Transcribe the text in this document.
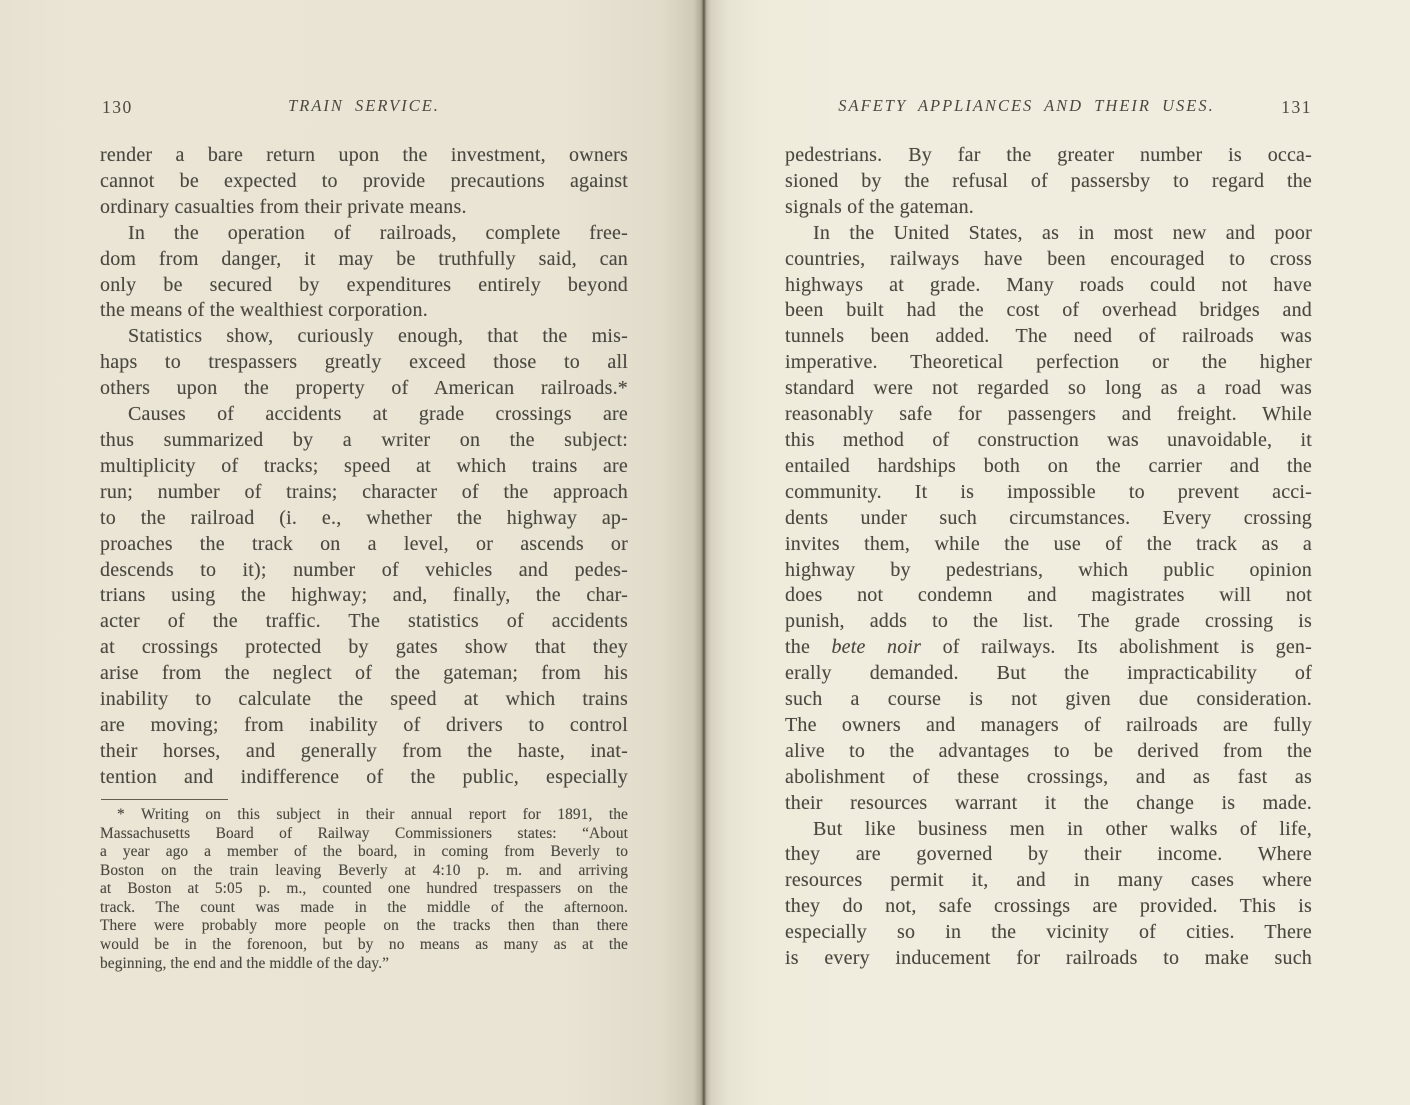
130	TRAIN SERVICE.
render a bare return upon the investment, owners
cannot be expected to provide precautions against
ordinary casualties from their private means.
In the operation of railroads, complete free-
dom from danger, it may be truthfully said, can
only be secured by expenditures entirely beyond
the means of the wealthiest corporation.
Statistics show, curiously enough, that the mis-
haps to trespassers greatly exceed those to all
others upon the property of American railroads.*
Causes of accidents at grade crossings are
thus summarized by a writer on the subject:
multiplicity of tracks; speed at which trains are
run; number of trains; character of the approach
to the railroad (i. e., whether the highway ap-
proaches the track on a level, or ascends or
descends to it); number of vehicles and pedes-
trians using the highway; and, finally, the char-
acter of the traffic. The statistics of accidents
at crossings protected by gates show that they
arise from the neglect of the gateman; from his
inability to calculate the speed at which trains
are moving; from inability of drivers to control
their horses, and generally from the haste, inat-
tention and indifference of the public, especially
* Writing on this subject in their annual report for 1891, the
Massachusetts Board of Railway Commissioners states: “About
a year ago a member of the board, in coming from Beverly to
Boston on the train leaving Beverly at 4:10 p. m. and arriving
at Boston at 5:05 p. m., counted one hundred trespassers on the
track. The count was made in the middle of the afternoon.
There were probably more people on the tracks then than there
would be in the forenoon, but by no means as many as at the
beginning, the end and the middle of the day.”
SAFETY APPLIANCES AND THEIR USES.	131
pedestrians. By far the greater number is occa-
sioned by the refusal of passersby to regard the
signals of the gateman.
In the United States, as in most new and poor
countries, railways have been encouraged to cross
highways at grade. Many roads could not have
been built had the cost of overhead bridges and
tunnels been added. The need of railroads was
imperative. Theoretical perfection or the higher
standard were not regarded so long as a road was
reasonably safe for passengers and freight. While
this method of construction was unavoidable, it
entailed hardships both on the carrier and the
community. It is impossible to prevent acci-
dents under such circumstances. Every crossing
invites them, while the use of the track as a
highway by pedestrians, which public opinion
does not condemn and magistrates will not
punish, adds to the list. The grade crossing is
the bete noir of railways. Its abolishment is gen-
erally demanded. But the impracticability of
such a course is not given due consideration.
The owners and managers of railroads are fully
alive to the advantages to be derived from the
abolishment of these crossings, and as fast as
their resources warrant it the change is made.
But like business men in other walks of life,
they are governed by their income. Where
resources permit it, and in many cases where
they do not, safe crossings are provided. This is
especially so in the vicinity of cities. There
is every inducement for railroads to make such
